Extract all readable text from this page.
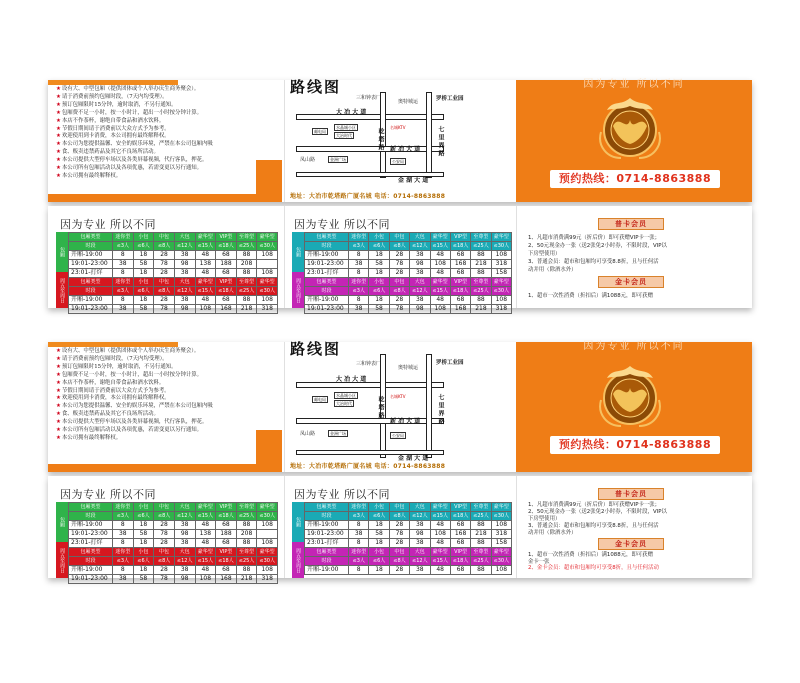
★ 设有大、中型包厢（提供团体或个人举办庆生商务聚会）。
★ 请于消费前预约包厢时段，（7天内均受理）。
★ 预订包厢限时15分钟，逾时取消，不另行通知。
★ 包厢费不足一小时，按一小时计，超出一小时按分钟计算。
★ 本店不作茶杯，谢绝自带食品和酒水饮料。
★ 节假日期间请于消费前以大众方式予为参考。
★ 欢迎使用到卡消费，本公司拥有最终解释权。
★ 本公司为您提供温馨、安全的娱乐环境，严禁在本公司包厢内吸
★ 食、贩卖违禁药品及其它不良场所活动。
★ 本公司提供大型停车场以及各类屏幕视频，代行客队，押花。
★ 本公司所有包厢活动以及各项优惠，若需变更以另行通知。
★ 本公司拥有最终解释权。
路线图
大 冶 大 道
新 冶 大 道
乾 塔 路	七 里 界 路
金 湖 大 道
三和钟表厂
奥特城运	罗桥工业园
水晶城小区
大冶时代
邮电局
名城KTV
金洲广场	公安局
凤山路
地址：大冶市乾塔路广厦名城 电话：0714-8863888
因为专业 所以不同
预约热线：0714-8863888
因为专业 所以不同
包厢
周五至周日
包厢类型	迷你型	小包	中包	大包	豪华型	VIP型	至尊型	豪华型
时段	≤3人	≤6人	≤8人	≤12人	≤15人	≤18人	≤25人	≤30人
开厢-19:00	8	18	28	38	48	68	88	108
19:01-23:00	38	58	78	98	138	188	208	
23:01-打烊	8	18	28	38	48	68	88	108
包厢类型	迷你型	小包	中包	大包	豪华型	VIP型	至尊型	豪华型
时段	≤3人	≤6人	≤8人	≤12人	≤15人	≤18人	≤25人	≤30人
开厢-19:00	8	18	28	38	48	68	88	108
19:01-23:00	38	58	78	98	108	168	218	318
因为专业 所以不同
包厢
周五至周日
包厢类型	迷你型	小包	中包	大包	豪华型	VIP型	至尊型	豪华型
时段	≤3人	≤6人	≤8人	≤12人	≤15人	≤18人	≤25人	≤30人
开厢-19:00	8	18	28	38	48	68	88	108
19:01-23:00	38	58	78	98	108	168	218	318
23:01-打烊	8	18	28	38	48	68	88	158
包厢类型	迷你型	小包	中包	大包	豪华型	VIP型	至尊型	豪华型
时段	≤3人	≤6人	≤8人	≤12人	≤15人	≤18人	≤25人	≤30人
开厢-19:00	8	18	28	38	48	68	88	108
19:01-23:00	38	58	78	98	108	168	218	318
普卡会员

1、凡超市消费满99元（折后价）即可获赠VIP卡一张；

2、50元现金办一张（送2张免2小时券，不限时段，VIP以

下房型使用）

3、普通会员：超市和包厢均可享受8.8折，且与任何活

动并用（除酒水外）

金卡会员

1、超市一次性消费（折扣后）满1088元，即可获赠

★ 设有大、中型包厢（提供团体或个人举办庆生商务聚会）。
★ 请于消费前预约包厢时段，（7天内均受理）。
★ 预订包厢限时15分钟，逾时取消，不另行通知。
★ 包厢费不足一小时，按一小时计，超出一小时按分钟计算。
★ 本店不作茶杯，谢绝自带食品和酒水饮料。
★ 节假日期间请于消费前以大众方式予为参考。
★ 欢迎使用到卡消费，本公司拥有最终解释权。
★ 本公司为您提供温馨、安全的娱乐环境，严禁在本公司包厢内吸
★ 食、贩卖违禁药品及其它不良场所活动。
★ 本公司提供大型停车场以及各类屏幕视频，代行客队，押花。
★ 本公司所有包厢活动以及各项优惠，若需变更以另行通知。
★ 本公司拥有最终解释权。
路线图
大 冶 大 道
新 冶 大 道
乾 塔 路	七 里 界 路
金 湖 大 道
三和钟表厂
奥特城运
罗桥工业园
水晶城小区
大冶时代
邮电局
名城KTV
金洲广场	公安局
凤山路
地址：大冶市乾塔路广厦名城 电话：0714-8863888
因为专业 所以不同
预约热线：0714-8863888
因为专业 所以不同
包厢
周五至周日
包厢类型	迷你型	小包	中包	大包	豪华型	VIP型	至尊型	豪华型
时段	≤3人	≤6人	≤8人	≤12人	≤15人	≤18人	≤25人	≤30人
开厢-19:00	8	18	28	38	48	68	88	108
19:01-23:00	38	58	78	98	138	188	208	
23:01-打烊	8	18	28	38	48	68	88	108
包厢类型	迷你型	小包	中包	大包	豪华型	VIP型	至尊型	豪华型
时段	≤3人	≤6人	≤8人	≤12人	≤15人	≤18人	≤25人	≤30人
开厢-19:00	8	18	28	38	48	68	88	108
19:01-23:00	38	58	78	98	108	168	218	318
因为专业 所以不同
包厢
周五至周日
包厢类型	迷你型	小包	中包	大包	豪华型	VIP型	至尊型	豪华型
时段	≤3人	≤6人	≤8人	≤12人	≤15人	≤18人	≤25人	≤30人
开厢-19:00	8	18	28	38	48	68	88	108
19:01-23:00	38	58	78	98	108	168	218	318
23:01-打烊	8	18	28	38	48	68	88	158
包厢类型	迷你型	小包	中包	大包	豪华型	VIP型	至尊型	豪华型
时段	≤3人	≤6人	≤8人	≤12人	≤15人	≤18人	≤25人	≤30人
开厢-19:00	8	18	28	38	48	68	88	108
普卡会员

1、凡超市消费满99元（折后价）即可获赠VIP卡一张；

2、50元现金办一张（送2张免2小时券，不限时段，VIP以

下房型使用）

3、普通会员：超市和包厢均可享受8.8折，且与任何活

动并用（除酒水外）

金卡会员

1、超市一次性消费（折扣后）满1088元，即可获赠

金卡一张

2、金卡会员：超市和包厢均可享受8折，且与任何活动
